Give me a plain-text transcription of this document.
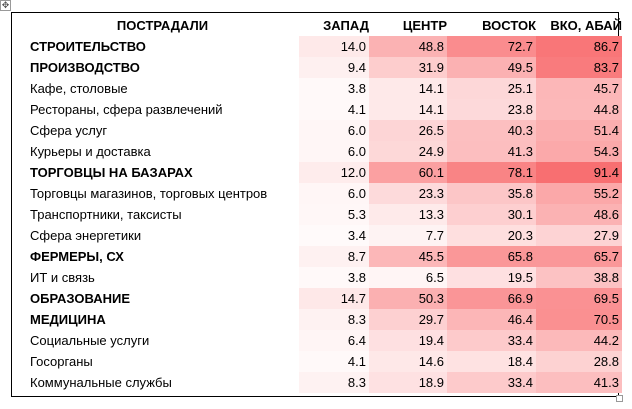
✥
ПОСТРАДАЛИ	ЗАПАД	ЦЕНТР	ВОСТОК	ВКО, АБАЙ
СТРОИТЕЛЬСТВО	14.0	48.8	72.7	86.7
ПРОИЗВОДСТВО	9.4	31.9	49.5	83.7
Кафе, столовые	3.8	14.1	25.1	45.7
Рестораны, сфера развлечений	4.1	14.1	23.8	44.8
Сфера услуг	6.0	26.5	40.3	51.4
Курьеры и доставка	6.0	24.9	41.3	54.3
ТОРГОВЦЫ НА БАЗАРАХ	12.0	60.1	78.1	91.4
Торговцы магазинов, торговых центров	6.0	23.3	35.8	55.2
Транспортники, таксисты	5.3	13.3	30.1	48.6
Сфера энергетики	3.4	7.7	20.3	27.9
ФЕРМЕРЫ, СХ	8.7	45.5	65.8	65.7
ИТ и связь	3.8	6.5	19.5	38.8
ОБРАЗОВАНИЕ	14.7	50.3	66.9	69.5
МЕДИЦИНА	8.3	29.7	46.4	70.5
Социальные услуги	6.4	19.4	33.4	44.2
Госорганы	4.1	14.6	18.4	28.8
Коммунальные службы	8.3	18.9	33.4	41.3
